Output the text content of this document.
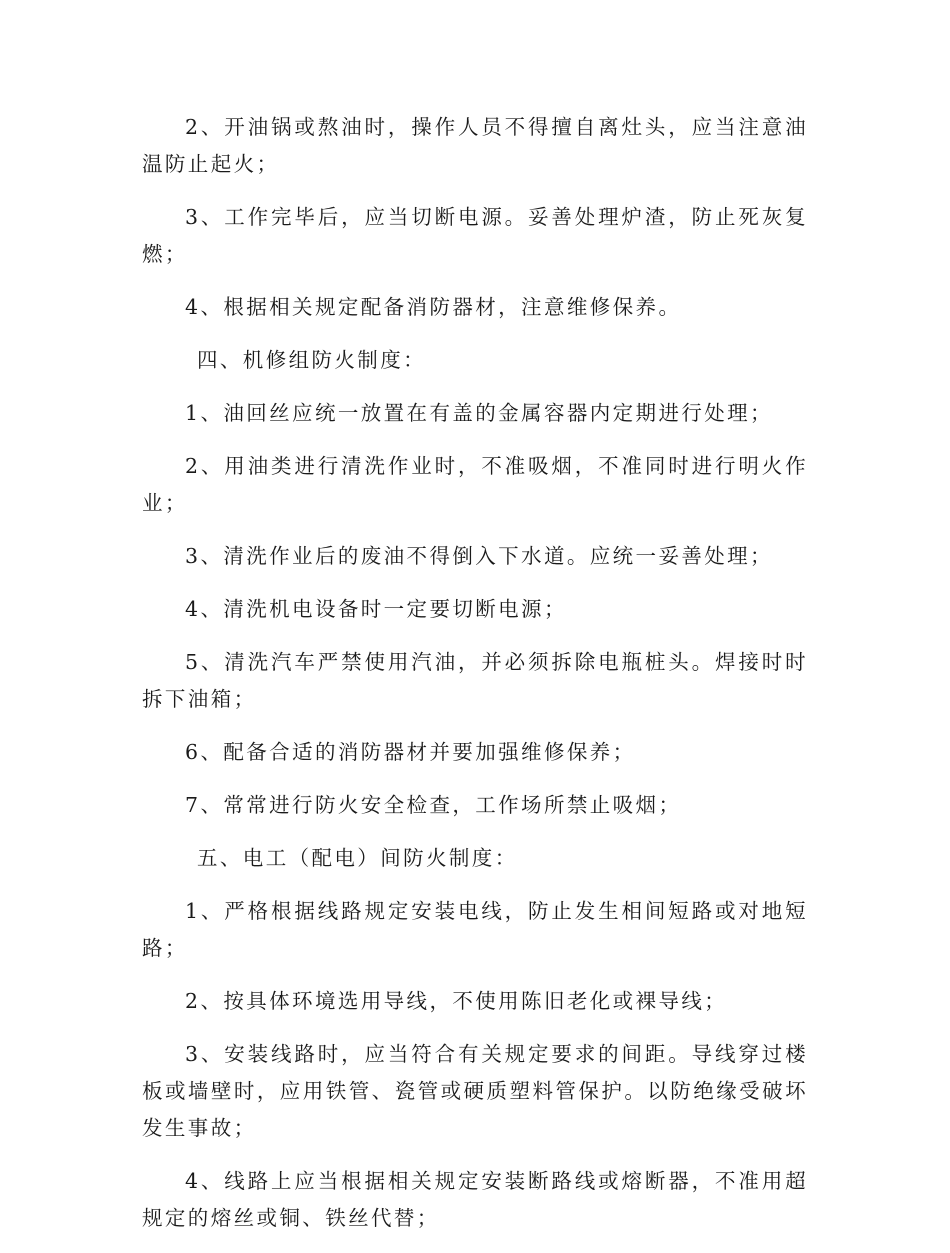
2、开油锅或熬油时，操作人员不得擅自离灶头，应当注意油温防止起火；

3、工作完毕后，应当切断电源。妥善处理炉渣，防止死灰复燃；

4、根据相关规定配备消防器材，注意维修保养。

四、机修组防火制度：

1、油回丝应统一放置在有盖的金属容器内定期进行处理；

2、用油类进行清洗作业时，不准吸烟，不准同时进行明火作业；

3、清洗作业后的废油不得倒入下水道。应统一妥善处理；

4、清洗机电设备时一定要切断电源；

5、清洗汽车严禁使用汽油，并必须拆除电瓶桩头。焊接时时拆下油箱；

6、配备合适的消防器材并要加强维修保养；

7、常常进行防火安全检查，工作场所禁止吸烟；

五、电工（配电）间防火制度：

1、严格根据线路规定安装电线，防止发生相间短路或对地短路；

2、按具体环境选用导线，不使用陈旧老化或裸导线；

3、安装线路时，应当符合有关规定要求的间距。导线穿过楼板或墙壁时，应用铁管、瓷管或硬质塑料管保护。以防绝缘受破坏发生事故；

4、线路上应当根据相关规定安装断路线或熔断器，不准用超规定的熔丝或铜、铁丝代替；
